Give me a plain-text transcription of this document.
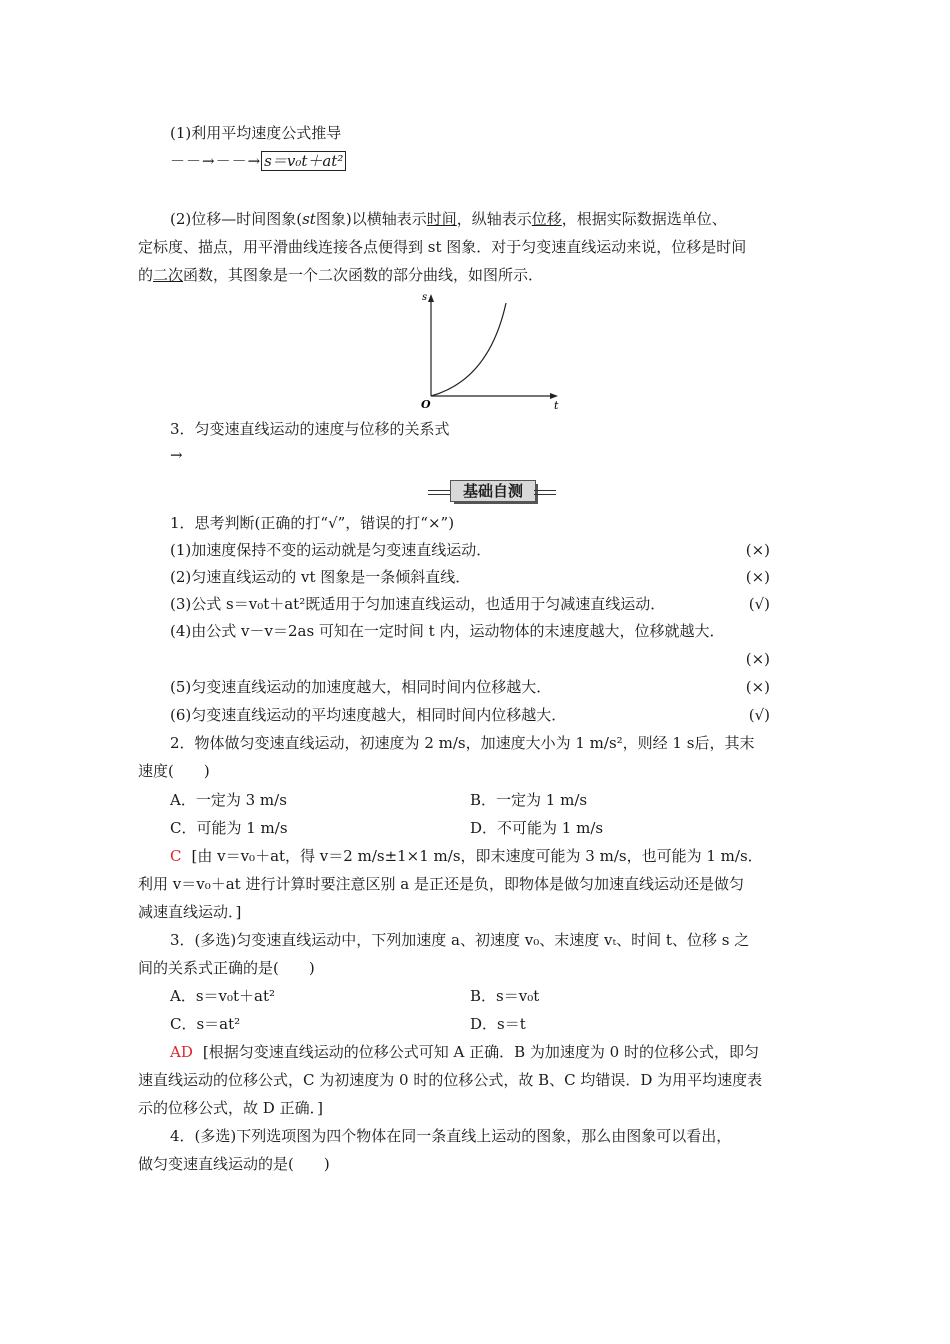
(1)利用平均速度公式推导
－－→－－→ s＝v₀t＋at²
(2)位移—时间图象(st图象)以横轴表示时间，纵轴表示位移，根据实际数据选单位、
定标度、描点，用平滑曲线连接各点便得到 st 图象．对于匀变速直线运动来说，位移是时间
的二次函数，其图象是一个二次函数的部分曲线，如图所示．
s
t
O
3．匀变速直线运动的速度与位移的关系式
→
基础自测
1．思考判断(正确的打“√”，错误的打“×”)
(1)加速度保持不变的运动就是匀变速直线运动．	(×)
(2)匀速直线运动的 vt 图象是一条倾斜直线．	(×)
(3)公式 s＝v₀t＋at²既适用于匀加速直线运动，也适用于匀减速直线运动．	(√)
(4)由公式 v－v＝2as 可知在一定时间 t 内，运动物体的末速度越大，位移就越大．
(×)
(5)匀变速直线运动的加速度越大，相同时间内位移越大．	(×)
(6)匀变速直线运动的平均速度越大，相同时间内位移越大．	(√)
2．物体做匀变速直线运动，初速度为 2 m/s，加速度大小为 1 m/s²，则经 1 s后，其末
速度(　　)
A．一定为 3 m/s	B．一定为 1 m/s
C．可能为 1 m/s	D．不可能为 1 m/s
C [由 v＝v₀＋at，得 v＝2 m/s±1×1 m/s，即末速度可能为 3 m/s，也可能为 1 m/s．
利用 v＝v₀＋at 进行计算时要注意区别 a 是正还是负，即物体是做匀加速直线运动还是做匀
减速直线运动．]
3．(多选)匀变速直线运动中，下列加速度 a、初速度 v₀、末速度 vₜ、时间 t、位移 s 之
间的关系式正确的是(　　)
A．s＝v₀t＋at²	B．s＝v₀t
C．s＝at²	D．s＝t
AD [根据匀变速直线运动的位移公式可知 A 正确．B 为加速度为 0 时的位移公式，即匀
速直线运动的位移公式，C 为初速度为 0 时的位移公式，故 B、C 均错误．D 为用平均速度表
示的位移公式，故 D 正确．]
4．(多选)下列选项图为四个物体在同一条直线上运动的图象，那么由图象可以看出，
做匀变速直线运动的是(　　)
